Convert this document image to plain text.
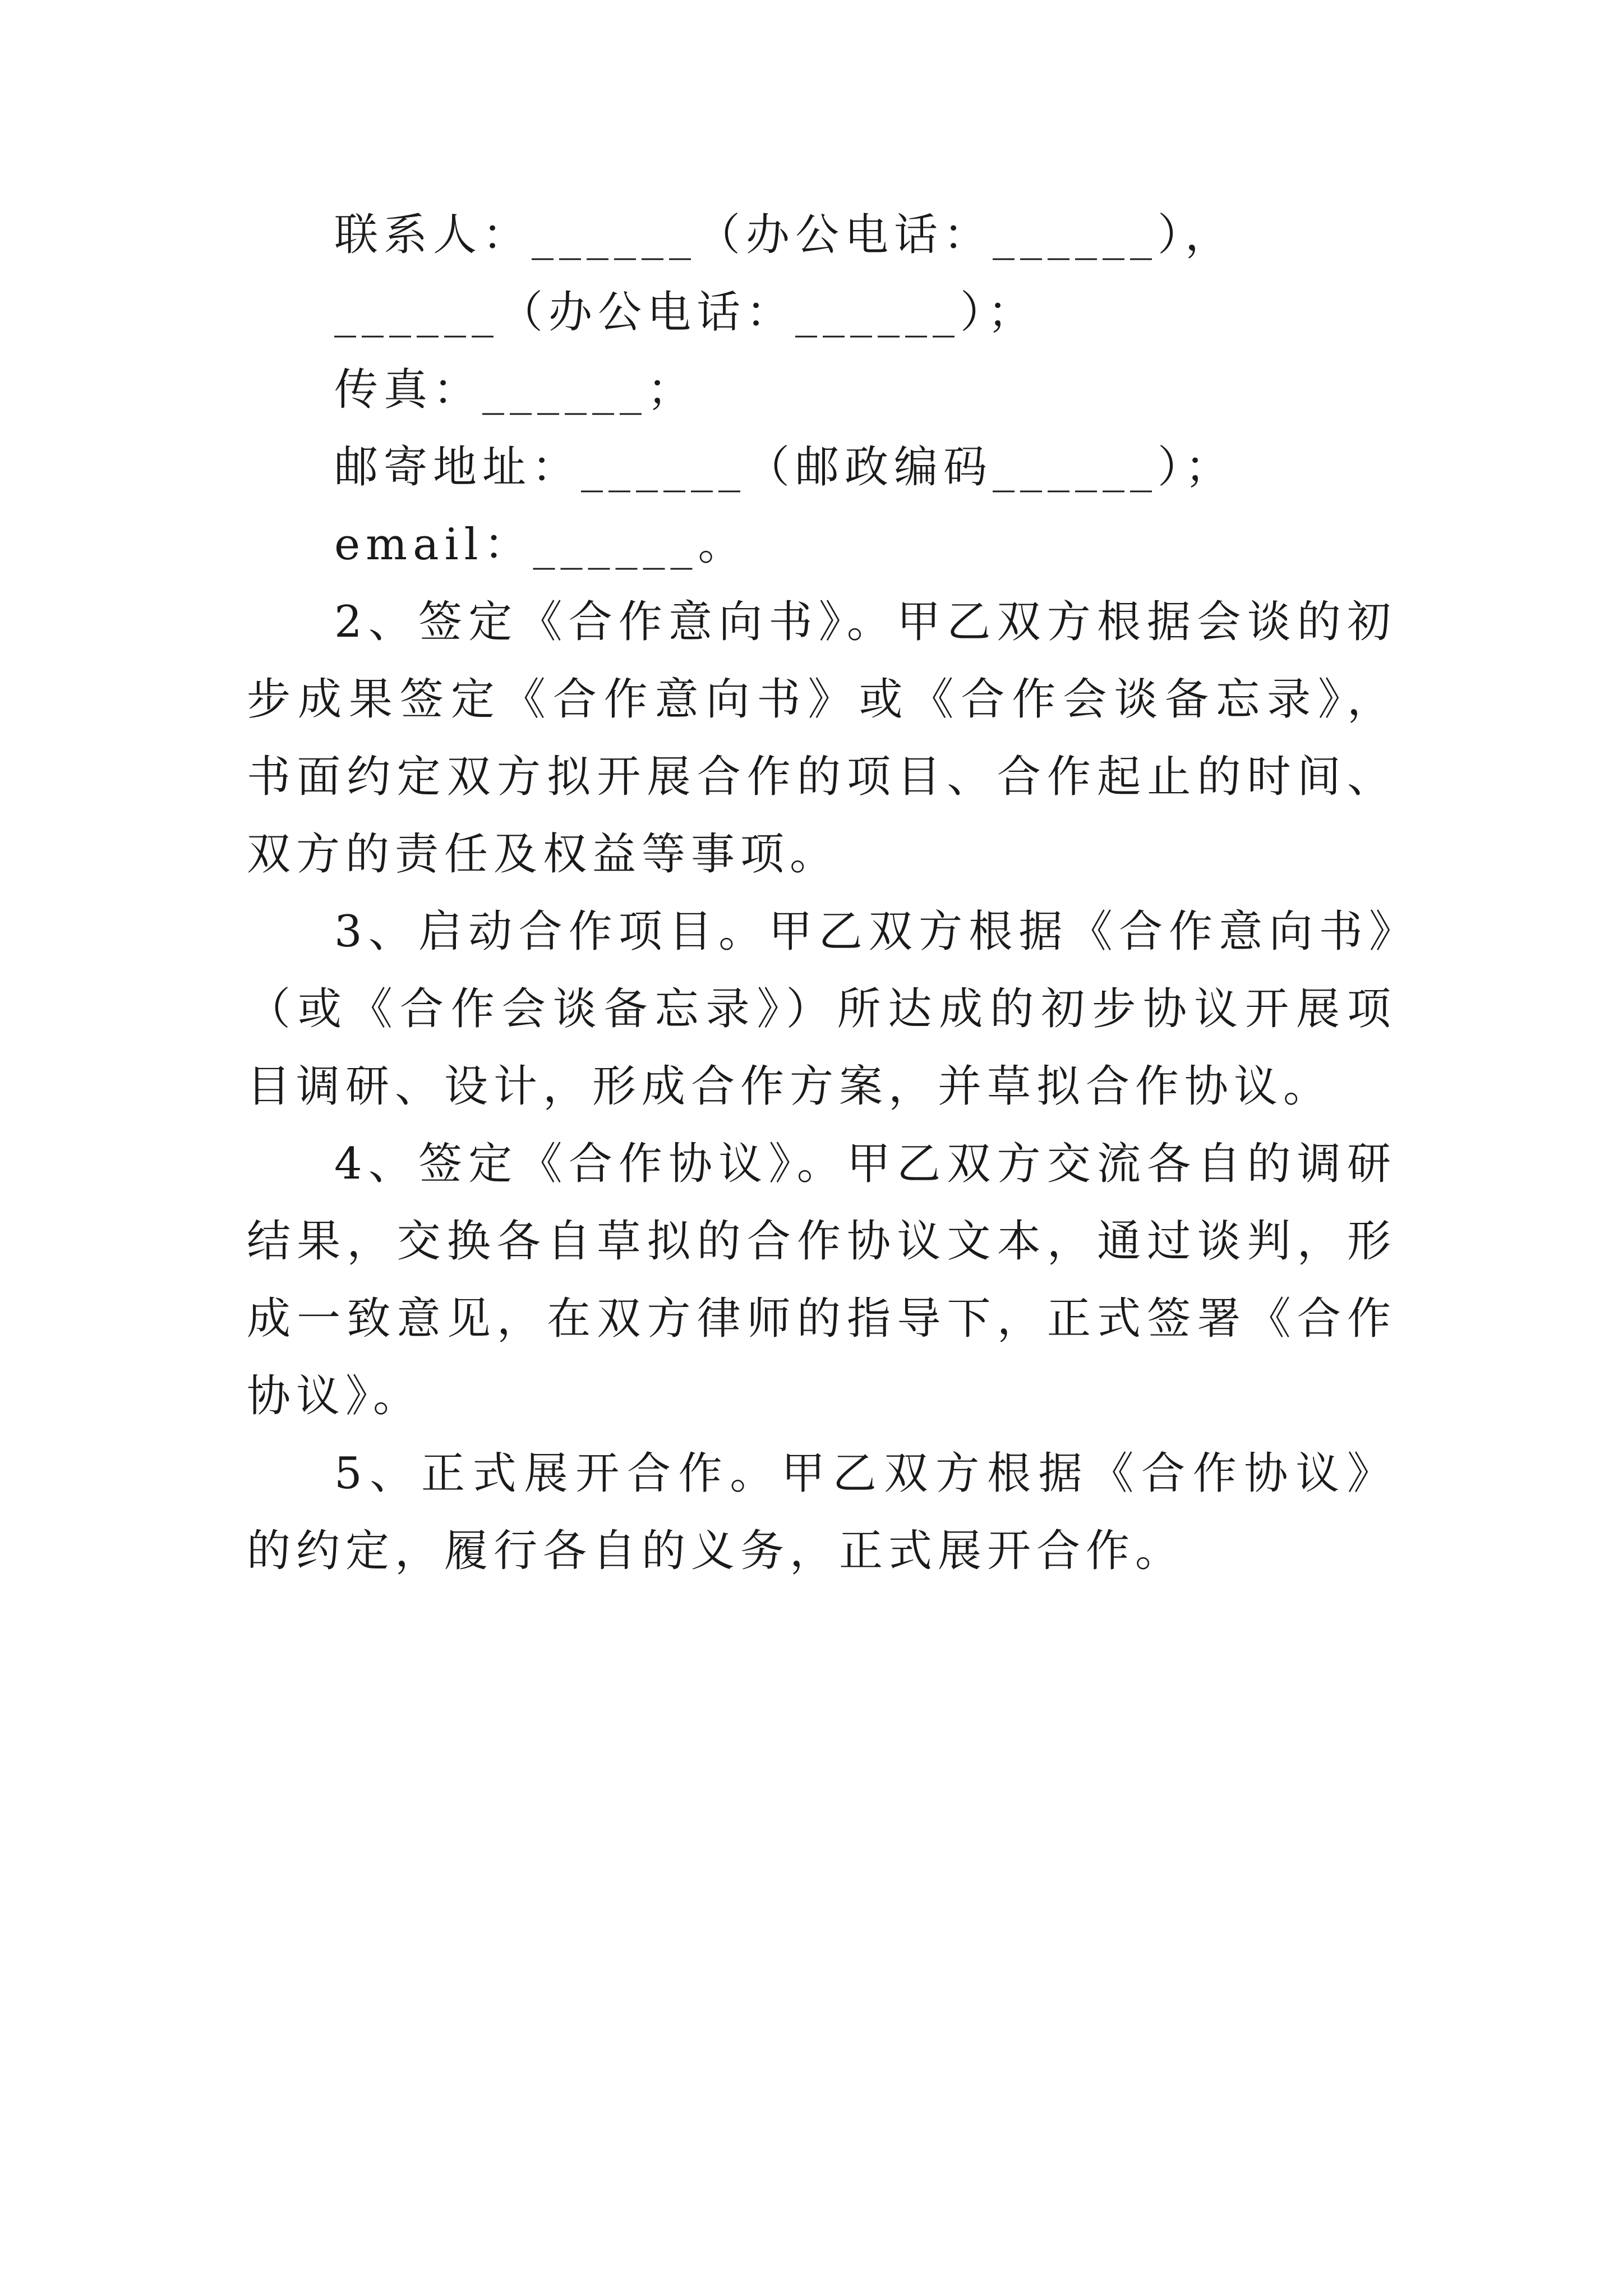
联系人：______（办公电话：______），

______（办公电话：______）；

传真：______；

邮寄地址：______（邮政编码______）；

email：______。

2、签定《合作意向书》。甲乙双方根据会谈的初步成果签定《合作意向书》或《合作会谈备忘录》，书面约定双方拟开展合作的项目、合作起止的时间、双方的责任及权益等事项。

3、启动合作项目。甲乙双方根据《合作意向书》（或《合作会谈备忘录》）所达成的初步协议开展项目调研、设计，形成合作方案，并草拟合作协议。

4、签定《合作协议》。甲乙双方交流各自的调研结果，交换各自草拟的合作协议文本，通过谈判，形成一致意见，在双方律师的指导下，正式签署《合作协议》。

5、正式展开合作。甲乙双方根据《合作协议》的约定，履行各自的义务，正式展开合作。
